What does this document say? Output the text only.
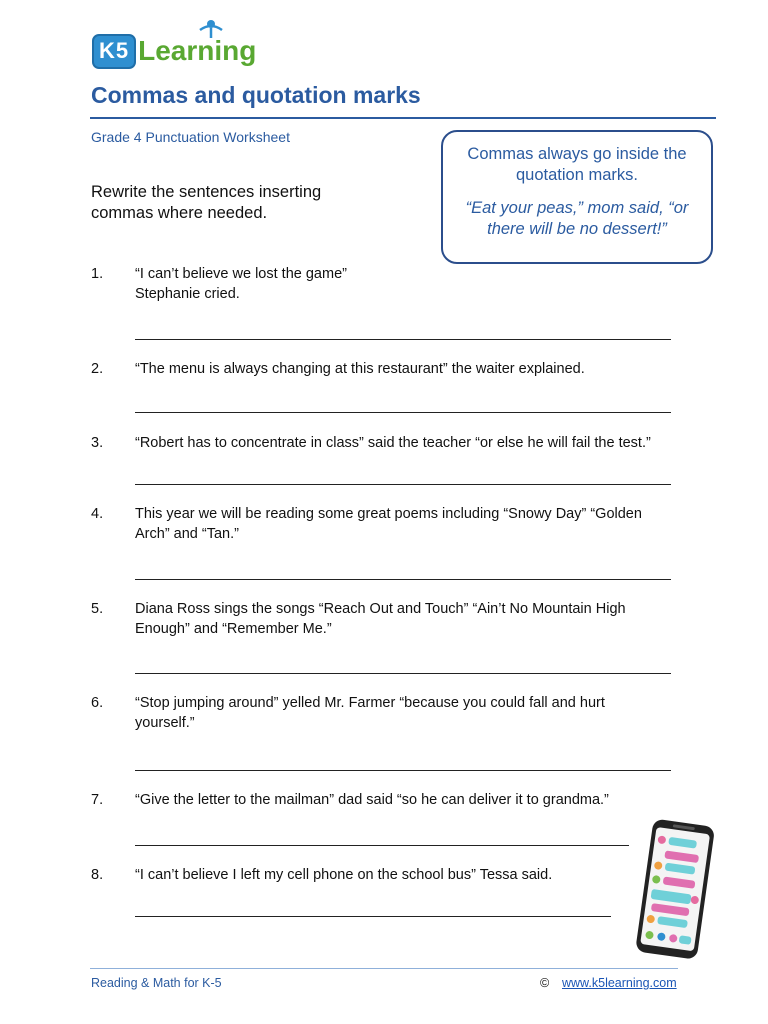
K5 Learning
Commas and quotation marks
Grade 4 Punctuation Worksheet
Rewrite the sentences inserting commas where needed.
Commas always go inside the quotation marks.
“Eat your peas,” mom said, “or there will be no dessert!”
1. “I can’t believe we lost the game” Stephanie cried.
2. “The menu is always changing at this restaurant” the waiter explained.
3. “Robert has to concentrate in class” said the teacher “or else he will fail the test.”
4. This year we will be reading some great poems including “Snowy Day” “Golden Arch” and “Tan.”
5. Diana Ross sings the songs “Reach Out and Touch” “Ain’t No Mountain High Enough” and “Remember Me.”
6. “Stop jumping around” yelled Mr. Farmer “because you could fall and hurt yourself.”
7. “Give the letter to the mailman” dad said “so he can deliver it to grandma.”
8. “I can’t believe I left my cell phone on the school bus” Tessa said.
Reading & Math for K-5	© www.k5learning.com
